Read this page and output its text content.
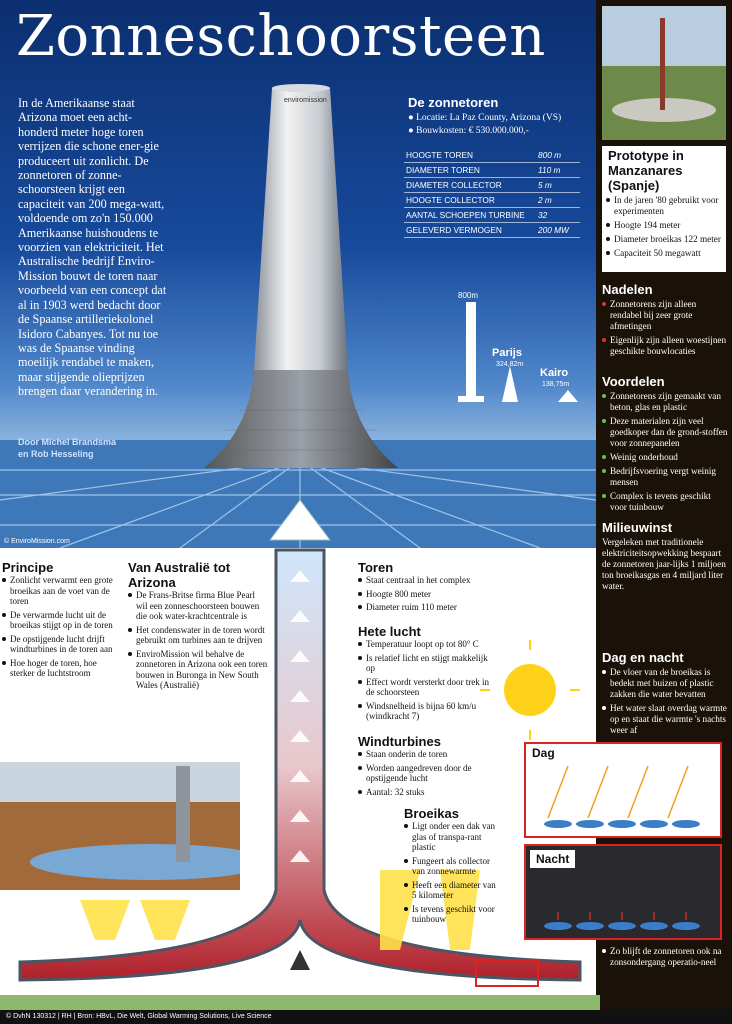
Zonneschoorsteen
In de Amerikaanse staat Arizona moet een acht-honderd meter hoge toren verrijzen die schone ener-gie produceert uit zonlicht. De zonnetoren of zonne-schoorsteen krijgt een capaciteit van 200 mega-watt, voldoende om zo'n 150.000 Amerikaanse huishoudens te voorzien van elektriciteit. Het Australische bedrijf Enviro-Mission bouwt de toren naar voorbeeld van een concept dat al in 1903 werd bedacht door de Spaanse artilleriekolonel Isidoro Cabanyes. Tot nu toe was de Spaanse vinding moeilijk rendabel te maken, maar stijgende olieprijzen brengen daar verandering in.
Door Michel Brandsma
en Rob Hesseling
© EnviroMission.com
enviromission	De zonnetoren
● Locatie: La Paz County, Arizona (VS)
● Bouwkosten: € 530.000.000,-
HOOGTE TOREN	800 m
DIAMETER TOREN	110 m
DIAMETER COLLECTOR	5 m
HOOGTE COLLECTOR	2 m
AANTAL SCHOEPEN TURBINE	32
GELEVERD VERMOGEN	200 MW
800m
Parijs
324,82m
Kairo
138,75m
Prototype in Manzanares (Spanje)
In de jaren '80 gebruikt voor experimenten
Hoogte 194 meter
Diameter broeikas 122 meter
Capaciteit 50 megawatt
Nadelen
Zonnetorens zijn alleen rendabel bij zeer grote afmetingen
Eigenlijk zijn alleen woestijnen geschikte bouwlocaties
Voordelen
Zonnetorens zijn gemaakt van beton, glas en plastic
Deze materialen zijn veel goedkoper dan de grond-stoffen voor zonnepanelen
Weinig onderhoud
Bedrijfsvoering vergt weinig mensen
Complex is tevens geschikt voor tuinbouw
Milieuwinst
Vergeleken met traditionele elektriciteitsopwekking bespaart de zonnetoren jaar-lijks 1 miljoen ton broeikasgas en 4 miljard liter water.
Dag en nacht
De vloer van de broeikas is bedekt met buizen of plastic zakken die water bevatten
Het water slaat overdag warmte op en staat die warmte 's nachts weer af
Zo blijft de zonnetoren ook na zonsondergang operatio-neel
Principe
Zonlicht verwarmt een grote broeikas aan de voet van de toren
De verwarmde lucht uit de broeikas stijgt op in de toren
De opstijgende lucht drijft windturbines in de toren aan
Hoe hoger de toren, hoe sterker de luchtstroom
Van Australië tot Arizona
De Frans-Britse firma Blue Pearl wil een zonneschoorsteen bouwen die ook water-krachtcentrale is
Het condenswater in de toren wordt gebruikt om turbines aan te drijven
EnviroMission wil behalve de zonnetoren in Arizona ook een toren bouwen in Buronga in New South Wales (Australië)
Toren
Staat centraal in het complex
Hoogte 800 meter
Diameter ruim 110 meter
Hete lucht
Temperatuur loopt op tot 80° C
Is relatief licht en stijgt makkelijk op
Effect wordt versterkt door trek in de schoorsteen
Windsnelheid is bijna 60 km/u (windkracht 7)
Windturbines
Staan onderin de toren
Worden aangedreven door de opstijgende lucht
Aantal: 32 stuks
Broeikas
Ligt onder een dak van glas of transpa-rant plastic
Fungeert als collector van zonnewarmte
Heeft een diameter van 5 kilometer
Is tevens geschikt voor tuinbouw
Dag
Nacht
© DvhN 130312 | RH | Bron: HBvL, Die Welt, Global Warming Solutions, Live Science
